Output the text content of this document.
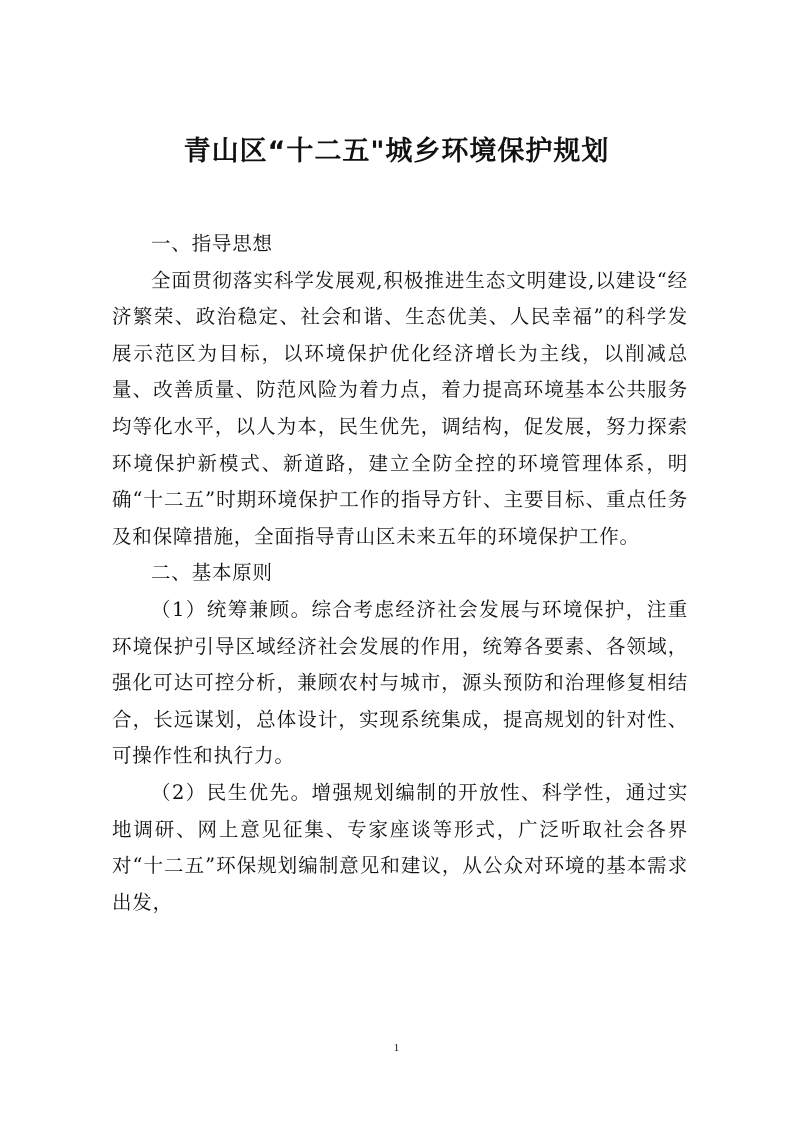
青山区“十二五"城乡环境保护规划

一、指导思想

全面贯彻落实科学发展观,积极推进生态文明建设,以建设“经济繁荣、政治稳定、社会和谐、生态优美、人民幸福”的科学发展示范区为目标，以环境保护优化经济增长为主线，以削减总量、改善质量、防范风险为着力点，着力提高环境基本公共服务均等化水平，以人为本，民生优先，调结构，促发展，努力探索环境保护新模式、新道路，建立全防全控的环境管理体系，明确“十二五”时期环境保护工作的指导方针、主要目标、重点任务及和保障措施，全面指导青山区未来五年的环境保护工作。

二、基本原则

（1）统筹兼顾。综合考虑经济社会发展与环境保护，注重环境保护引导区域经济社会发展的作用，统筹各要素、各领域，强化可达可控分析，兼顾农村与城市，源头预防和治理修复相结合，长远谋划，总体设计，实现系统集成，提高规划的针对性、可操作性和执行力。

（2）民生优先。增强规划编制的开放性、科学性，通过实地调研、网上意见征集、专家座谈等形式，广泛听取社会各界对“十二五”环保规划编制意见和建议，从公众对环境的基本需求出发，

1
